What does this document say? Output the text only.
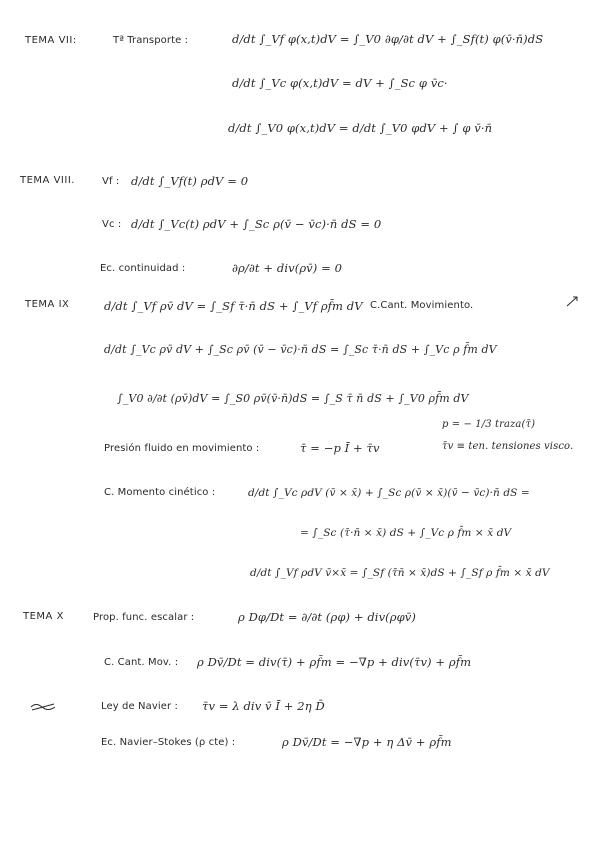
TEMA VII:	Tª Transporte :	d/dt ∫_Vf φ(x,t)dV = ∫_V0 ∂φ/∂t dV + ∫_Sf(t) φ(v̄·n̄)dS
d/dt ∫_Vc φ(x,t)dV = dV + ∫_Sc φ v̄c·
d/dt ∫_V0 φ(x,t)dV = d/dt ∫_V0 φdV + ∫ φ v̄·n̄
TEMA VIII.	Vf : d/dt ∫_Vf(t) ρdV = 0
Vc : d/dt ∫_Vc(t) ρdV + ∫_Sc ρ(v̄ − v̄c)·n̄ dS = 0
Ec. continuidad :	∂ρ/∂t + div(ρv̄) = 0
TEMA IX	d/dt ∫_Vf ρv̄ dV = ∫_Sf τ̄·n̄ dS + ∫_Vf ρf̄m dV C.Cant. Movimiento.
d/dt ∫_Vc ρv̄ dV + ∫_Sc ρv̄ (v̄ − v̄c)·n̄ dS = ∫_Sc τ̄·n̄ dS + ∫_Vc ρ f̄m dV
∫_V0 ∂/∂t (ρv̄)dV = ∫_S0 ρv̄(v̄·n̄)dS = ∫_S τ̄ n̄ dS + ∫_V0 ρf̄m dV
Presión fluido en movimiento :	τ̄ = −p Ī + τ̄v
p = − 1/3 traza(τ̄)
τ̄v ≡ ten. tensiones visco.
C. Momento cinético :	d/dt ∫_Vc ρdV (v̄ × x̄) + ∫_Sc ρ(v̄ × x̄)(v̄ − v̄c)·n̄ dS =
= ∫_Sc (τ̄·n̄ × x̄) dS + ∫_Vc ρ f̄m × x̄ dV
d/dt ∫_Vf ρdV v̄×x̄ = ∫_Sf (τ̄n̄ × x̄)dS + ∫_Sf ρ f̄m × x̄ dV
TEMA X	Prop. func. escalar :	ρ Dφ/Dt = ∂/∂t (ρφ) + div(ρφv̄)
C. Cant. Mov. : ρ Dv̄/Dt = div(τ̄) + ρf̄m = −∇p + div(τ̄v) + ρf̄m
Ley de Navier : τ̄v = λ div v̄ Ī + 2η D̄
Ec. Navier–Stokes (ρ cte) :	ρ Dv̄/Dt = −∇p + η Δv̄ + ρf̄m
